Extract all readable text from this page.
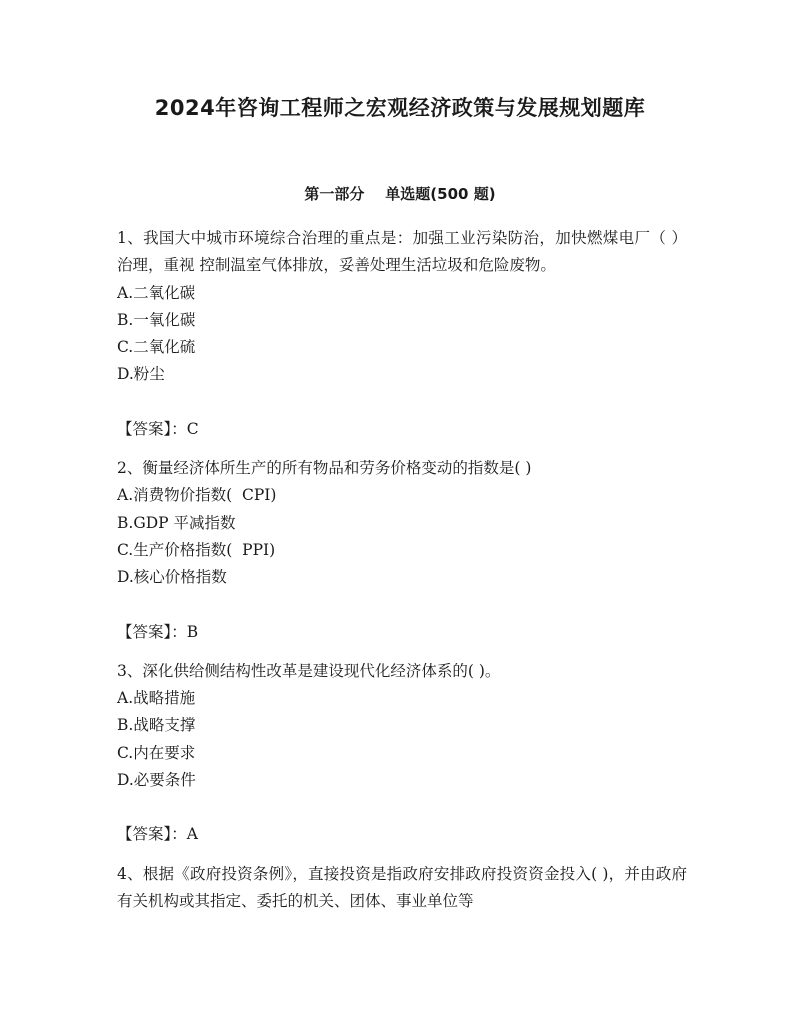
2024年咨询工程师之宏观经济政策与发展规划题库
第一部分    单选题(500 题)

1、我国大中城市环境综合治理的重点是：加强工业污染防治，加快燃煤电厂（ ）治理，重视 控制温室气体排放，妥善处理生活垃圾和危险废物。

A.二氧化碳

B.一氧化碳

C.二氧化硫

D.粉尘

【答案】：C

2、衡量经济体所生产的所有物品和劳务价格变动的指数是( )

A.消费物价指数(  CPI)

B.GDP 平减指数

C.生产价格指数(  PPI)

D.核心价格指数

【答案】：B

3、深化供给侧结构性改革是建设现代化经济体系的( )。

A.战略措施

B.战略支撑

C.内在要求

D.必要条件

【答案】：A

4、根据《政府投资条例》，直接投资是指政府安排政府投资资金投入( )，并由政府有关机构或其指定、委托的机关、团体、事业单位等
